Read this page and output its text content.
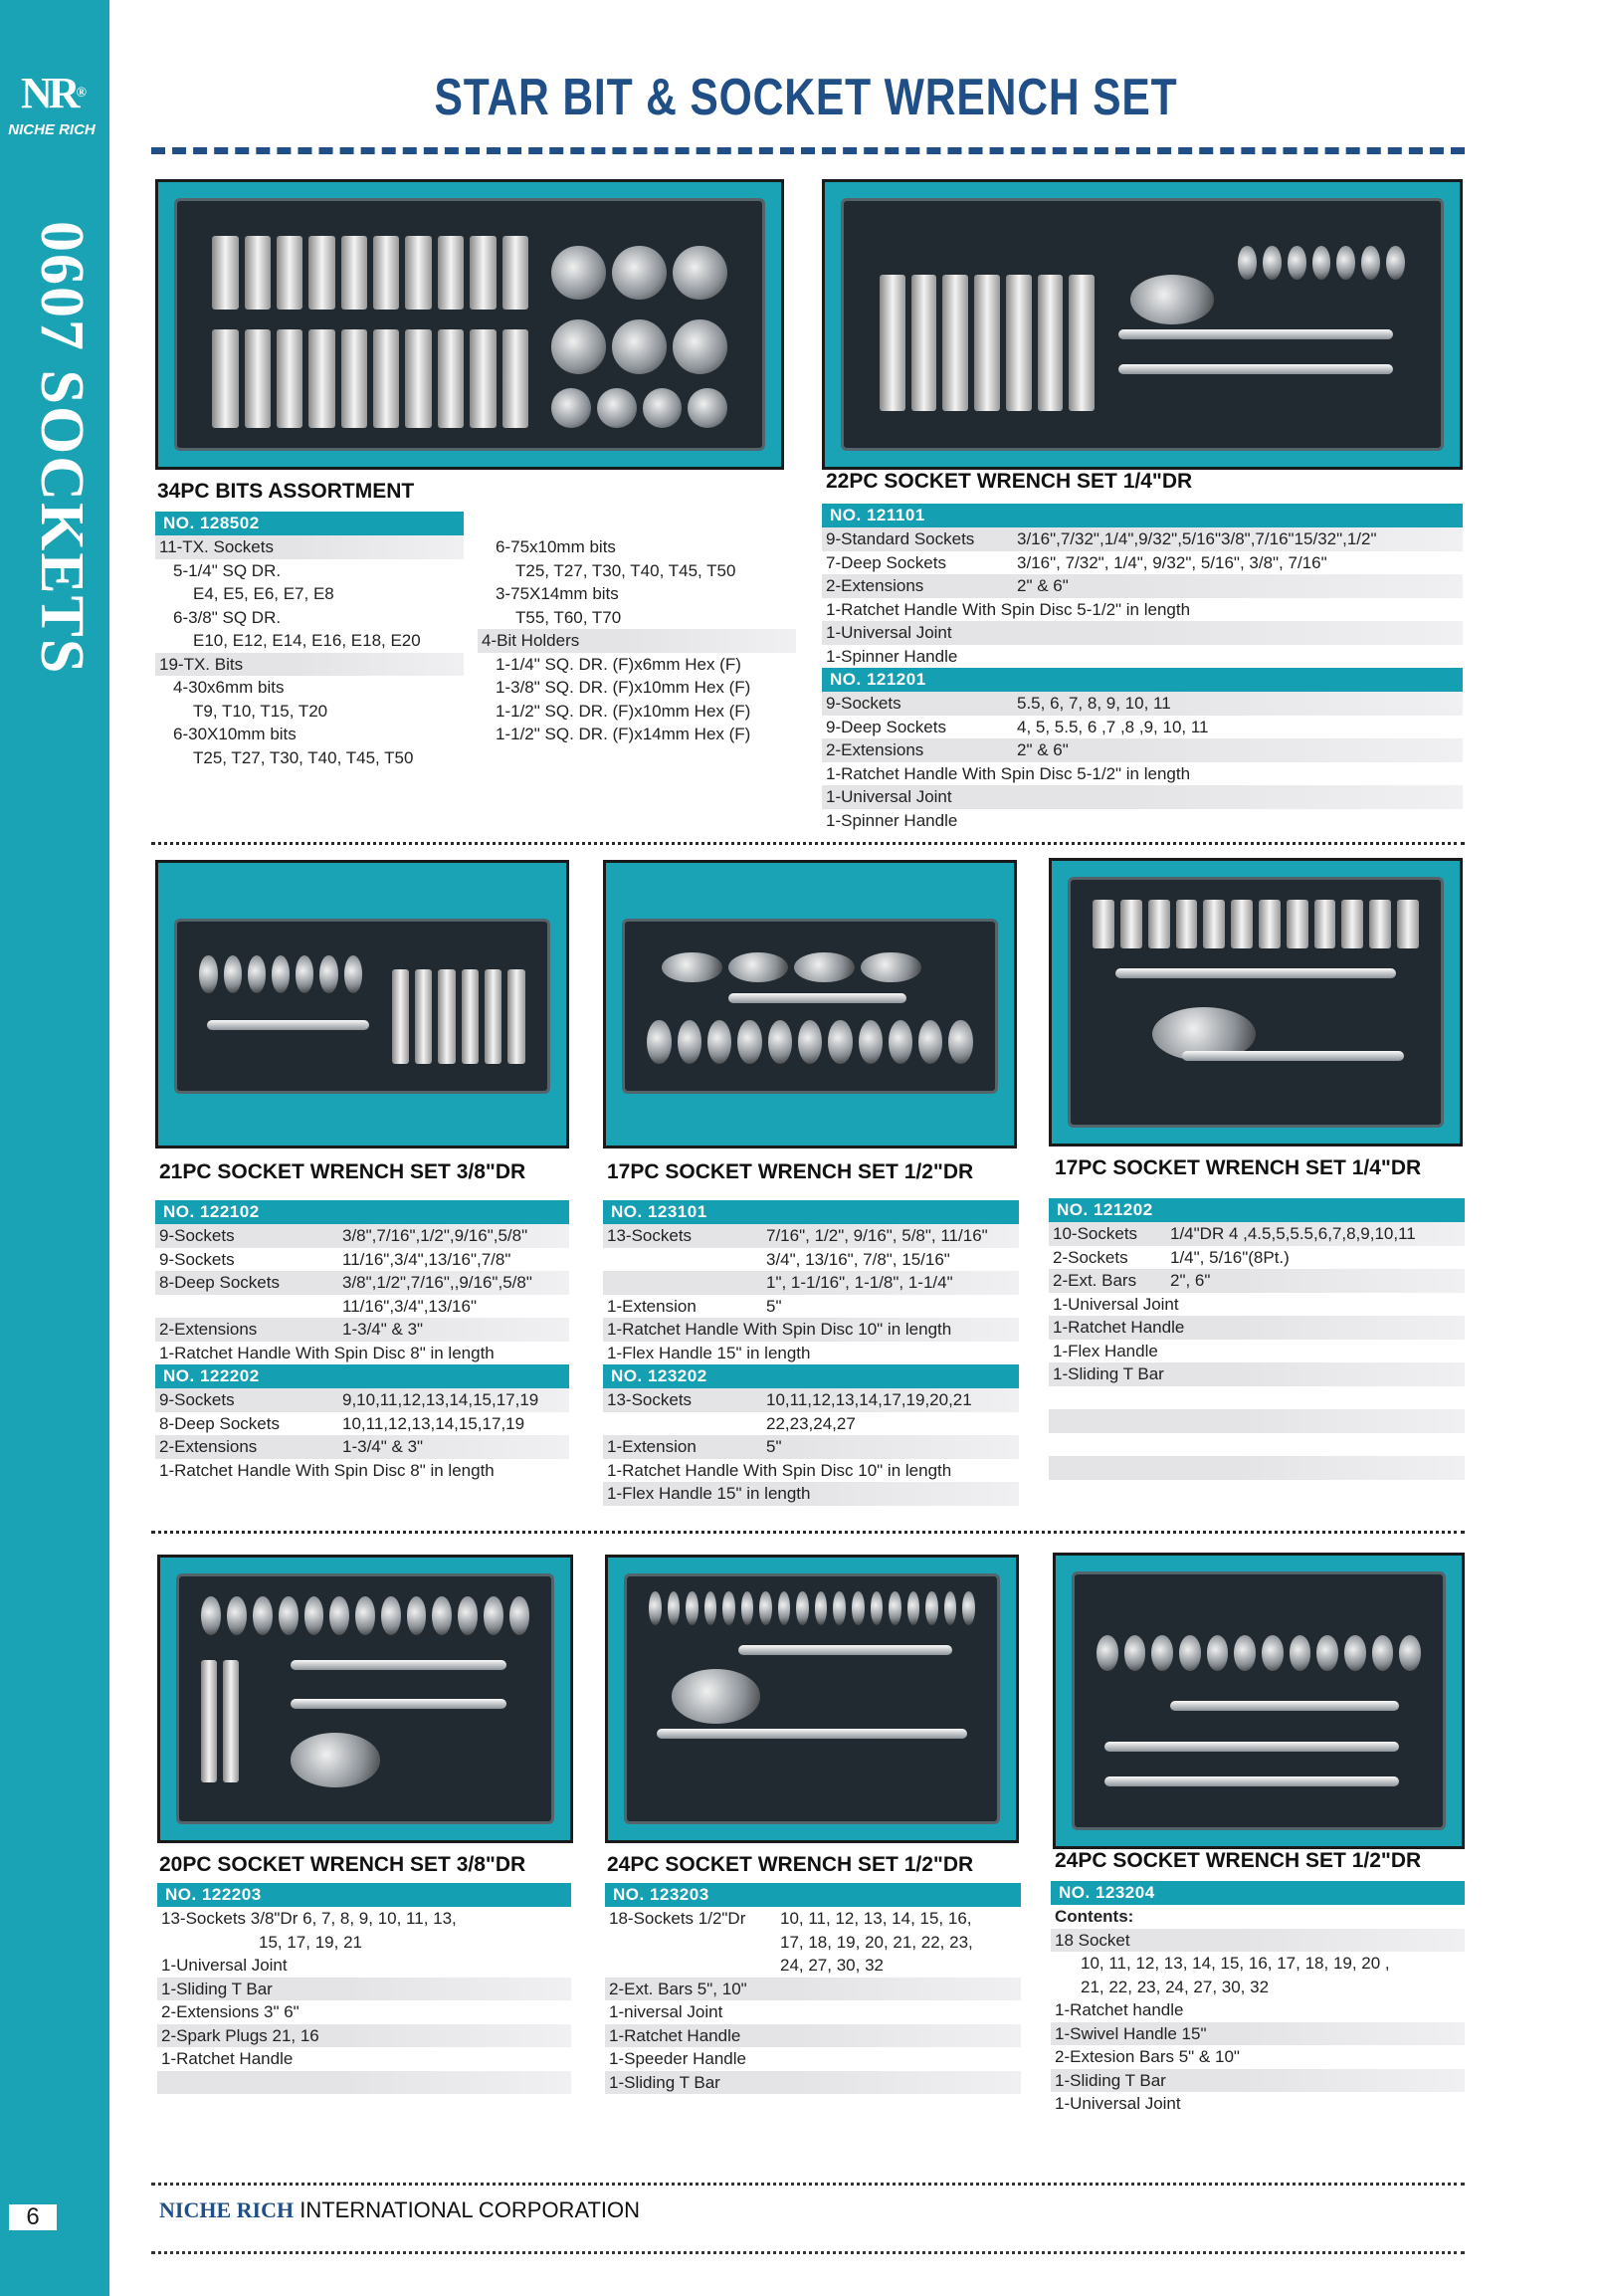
NR®
NICHE RICH
0607 SOCKETS
6
STAR BIT & SOCKET WRENCH SET
34PC BITS ASSORTMENT	22PC SOCKET WRENCH SET 1/4"DR
21PC SOCKET WRENCH SET 3/8"DR	17PC SOCKET WRENCH SET 1/2"DR	17PC SOCKET WRENCH SET 1/4"DR
20PC SOCKET WRENCH SET 3/8"DR	24PC SOCKET WRENCH SET 1/2"DR	24PC SOCKET WRENCH SET 1/2"DR
NO. 128502
11-TX. Sockets
5-1/4" SQ DR.
E4, E5, E6, E7, E8
6-3/8" SQ DR.
E10, E12, E14, E16, E18, E20
19-TX. Bits
4-30x6mm bits
T9, T10, T15, T20
6-30X10mm bits
T25, T27, T30, T40, T45, T50
6-75x10mm bits
T25, T27, T30, T40, T45, T50
3-75X14mm bits
T55, T60, T70
4-Bit Holders
1-1/4" SQ. DR. (F)x6mm Hex (F)
1-3/8" SQ. DR. (F)x10mm Hex (F)
1-1/2" SQ. DR. (F)x10mm Hex (F)
1-1/2" SQ. DR. (F)x14mm Hex (F)
NO. 121101
9-Standard Sockets	3/16",7/32",1/4",9/32",5/16"3/8",7/16"15/32",1/2"
7-Deep Sockets	3/16", 7/32", 1/4", 9/32", 5/16", 3/8", 7/16"
2-Extensions	2" & 6"
1-Ratchet Handle With Spin Disc 5-1/2" in length
1-Universal Joint
1-Spinner Handle
NO. 121201
9-Sockets	5.5, 6, 7, 8, 9, 10, 11
9-Deep Sockets	4, 5, 5.5, 6 ,7 ,8 ,9, 10, 11
2-Extensions	2" & 6"
1-Ratchet Handle With Spin Disc 5-1/2" in length
1-Universal Joint
1-Spinner Handle
NO. 122102
9-Sockets	3/8",7/16",1/2",9/16",5/8"
9-Sockets	11/16",3/4",13/16",7/8"
8-Deep Sockets	3/8",1/2",7/16",,9/16",5/8"
11/16",3/4",13/16"
2-Extensions	1-3/4" & 3"
1-Ratchet Handle With Spin Disc 8" in length
NO. 122202
9-Sockets	9,10,11,12,13,14,15,17,19
8-Deep Sockets	10,11,12,13,14,15,17,19
2-Extensions	1-3/4" & 3"
1-Ratchet Handle With Spin Disc 8" in length
NO. 123101
13-Sockets	7/16", 1/2", 9/16", 5/8", 11/16"
3/4", 13/16", 7/8", 15/16"
1", 1-1/16", 1-1/8", 1-1/4"
1-Extension	5"
1-Ratchet Handle With Spin Disc 10" in length
1-Flex Handle 15" in length
NO. 123202
13-Sockets	10,11,12,13,14,17,19,20,21
22,23,24,27
1-Extension	5"
1-Ratchet Handle With Spin Disc 10" in length
1-Flex Handle 15" in length
NO. 121202
10-Sockets	1/4"DR 4 ,4.5,5,5.5,6,7,8,9,10,11
2-Sockets	1/4", 5/16"(8Pt.)
2-Ext. Bars	2", 6"
1-Universal Joint
1-Ratchet Handle
1-Flex Handle
1-Sliding T Bar
NO. 122203
13-Sockets 3/8"Dr 6, 7, 8, 9, 10, 11, 13,
15, 17, 19, 21
1-Universal Joint
1-Sliding T Bar
2-Extensions 3" 6"
2-Spark Plugs 21, 16
1-Ratchet Handle
NO. 123203
18-Sockets 1/2"Dr	10, 11, 12, 13, 14, 15, 16,
17, 18, 19, 20, 21, 22, 23,
24, 27, 30, 32
2-Ext. Bars 5", 10"
1-niversal Joint
1-Ratchet Handle
1-Speeder Handle
1-Sliding T Bar
NO. 123204
Contents:
18 Socket
10, 11, 12, 13, 14, 15, 16, 17, 18, 19, 20 ,
21, 22, 23, 24, 27, 30, 32
1-Ratchet handle
1-Swivel Handle 15"
2-Extesion Bars 5" & 10"
1-Sliding T Bar
1-Universal Joint
NICHE RICH INTERNATIONAL CORPORATION
